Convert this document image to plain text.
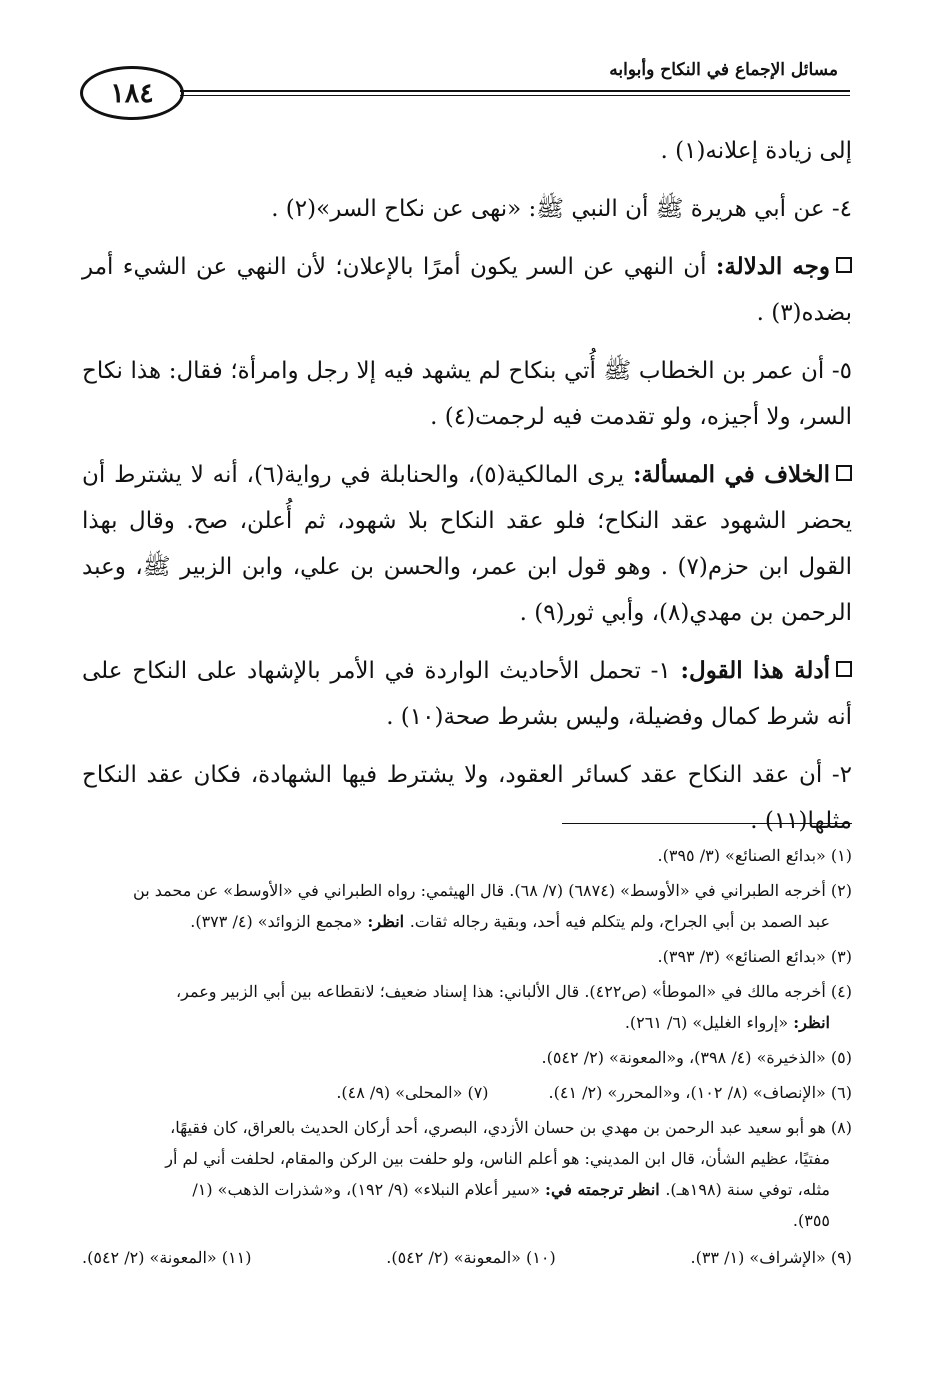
١٨٤
مسائل الإجماع في النكاح وأبوابه

إلى زيادة إعلانه(١) .

٤- عن أبي هريرة ﷺ أن النبي ﷺ: «نهى عن نكاح السر»(٢) .

وجه الدلالة: أن النهي عن السر يكون أمرًا بالإعلان؛ لأن النهي عن الشيء أمر بضده(٣) .

٥- أن عمر بن الخطاب ﷺ أُتي بنكاح لم يشهد فيه إلا رجل وامرأة؛ فقال: هذا نكاح السر، ولا أجيزه، ولو تقدمت فيه لرجمت(٤) .

الخلاف في المسألة: يرى المالكية(٥)، والحنابلة في رواية(٦)، أنه لا يشترط أن يحضر الشهود عقد النكاح؛ فلو عقد النكاح بلا شهود، ثم أُعلن، صح. وقال بهذا القول ابن حزم(٧) . وهو قول ابن عمر، والحسن بن علي، وابن الزبير ﷺ، وعبد الرحمن بن مهدي(٨)، وأبي ثور(٩) .

أدلة هذا القول: ١- تحمل الأحاديث الواردة في الأمر بالإشهاد على النكاح على أنه شرط كمال وفضيلة، وليس بشرط صحة(١٠) .

٢- أن عقد النكاح عقد كسائر العقود، ولا يشترط فيها الشهادة، فكان عقد النكاح مثلها(١١) .

(١) «بدائع الصنائع» (٣/ ٣٩٥).
(٢) أخرجه الطبراني في «الأوسط» (٦٨٧٤) (٧/ ٦٨). قال الهيثمي: رواه الطبراني في «الأوسط» عن محمد بن
عبد الصمد بن أبي الجراح، ولم يتكلم فيه أحد، وبقية رجاله ثقات. انظر: «مجمع الزوائد» (٤/ ٣٧٣).
(٣) «بدائع الصنائع» (٣/ ٣٩٣).
(٤) أخرجه مالك في «الموطأ» (ص٤٢٢). قال الألباني: هذا إسناد ضعيف؛ لانقطاعه بين أبي الزبير وعمر،
انظر: «إرواء الغليل» (٦/ ٢٦١).
(٥) «الذخيرة» (٤/ ٣٩٨)، و«المعونة» (٢/ ٥٤٢).
(٦) «الإنصاف» (٨/ ١٠٢)، و«المحرر» (٢/ ٤١).
(٧) «المحلى» (٩/ ٤٨).
(٨) هو أبو سعيد عبد الرحمن بن مهدي بن حسان الأزدي، البصري، أحد أركان الحديث بالعراق، كان فقيهًا،
مفتيًا، عظيم الشأن، قال ابن المديني: هو أعلم الناس، ولو حلفت بين الركن والمقام، لحلفت أني لم أر
مثله، توفي سنة (١٩٨هـ). انظر ترجمته في: «سير أعلام النبلاء» (٩/ ١٩٢)، و«شذرات الذهب» (١/
٣٥٥).
(٩) «الإشراف» (١/ ٣٣).
(١٠) «المعونة» (٢/ ٥٤٢).
(١١) «المعونة» (٢/ ٥٤٢).
